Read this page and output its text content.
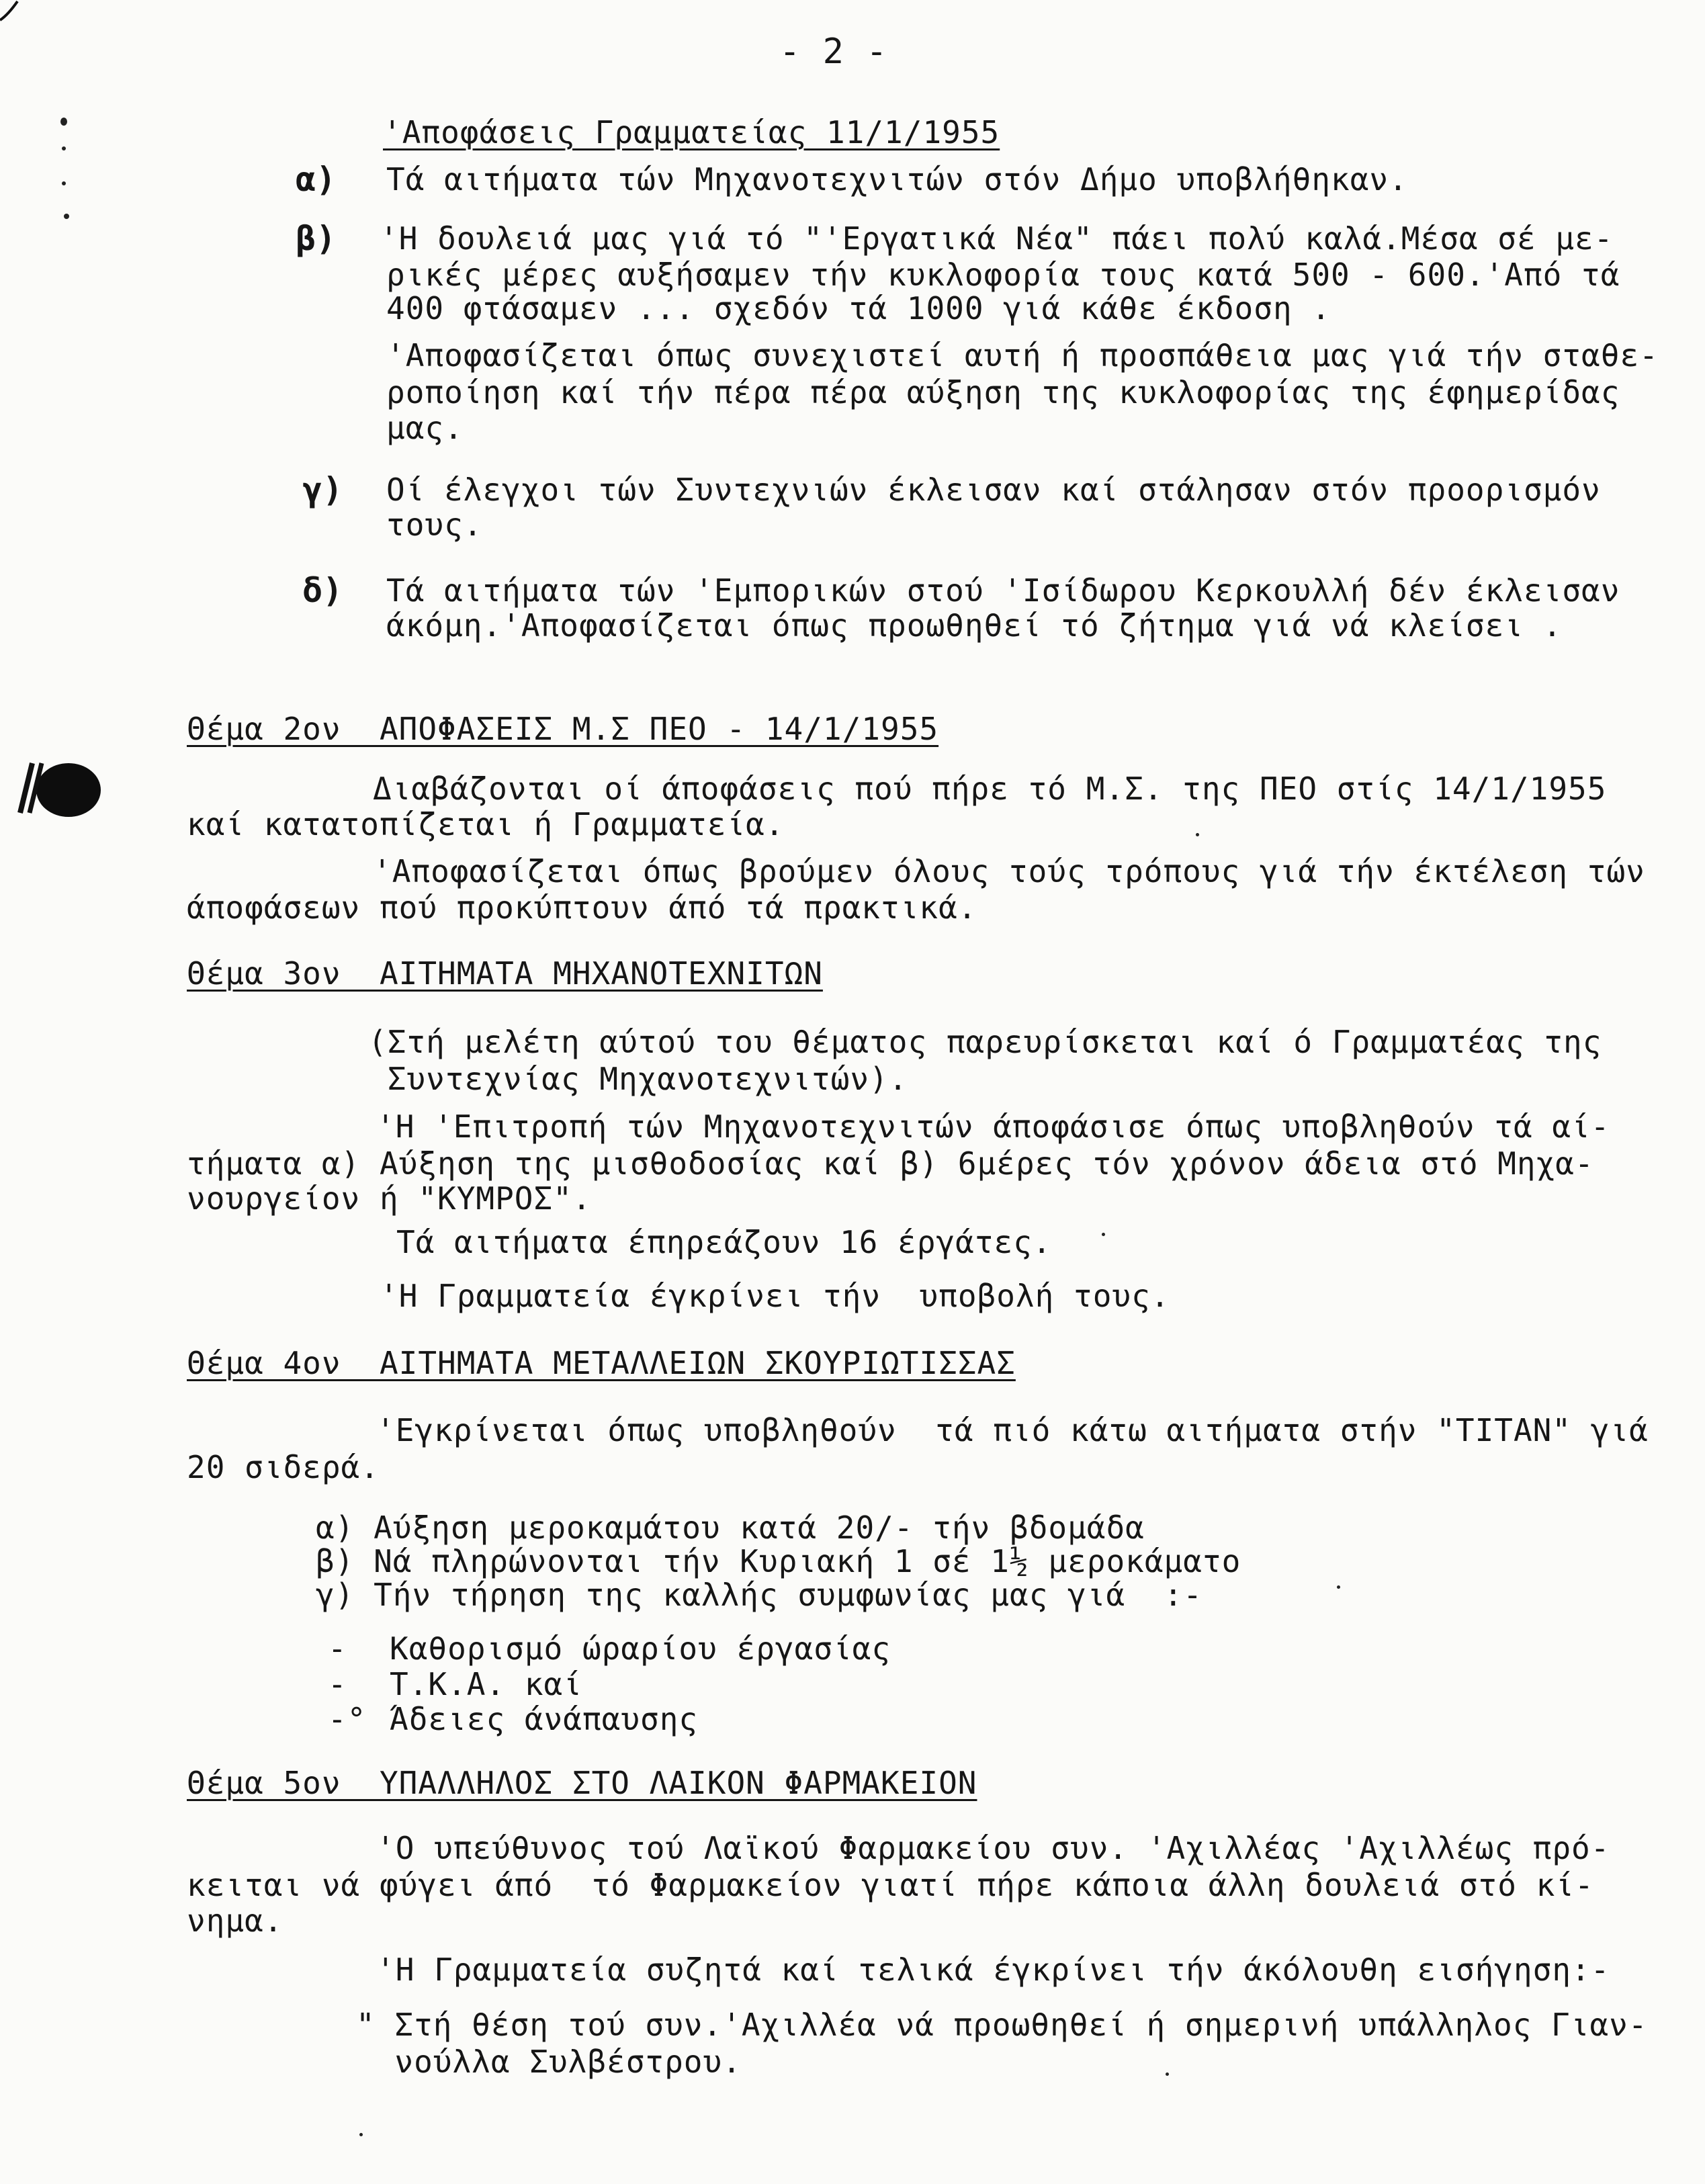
- 2 -
'Αποφάσεις Γραμματείας 11/1/1955
α) Τά αιτήματα τών Μηχανοτεχνιτών στόν Δήμο υποβλήθηκαν.
β) 'Η δουλειά μας γιά τό "'Εργατικά Νέα" πάει πολύ καλά.Μέσα σέ με-
ρικές μέρες αυξήσαμεν τήν κυκλοφορία τους κατά 500 - 600.'Από τά
400 φτάσαμεν ... σχεδόν τά 1000 γιά κάθε έκδοση .
'Αποφασίζεται όπως συνεχιστεί αυτή ή προσπάθεια μας γιά τήν σταθε-
ροποίηση καί τήν πέρα πέρα αύξηση της κυκλοφορίας της έφημερίδας
μας.
γ) Οί έλεγχοι τών Συντεχνιών έκλεισαν καί στάλησαν στόν προορισμόν
τους.
δ) Τά αιτήματα τών 'Εμπορικών στού 'Ισίδωρου Κερκουλλή δέν έκλεισαν
άκόμη.'Αποφασίζεται όπως προωθηθεί τό ζήτημα γιά νά κλείσει .
Θέμα 2ον  ΑΠΟΦΑΣΕΙΣ Μ.Σ ΠΕΟ - 14/1/1955
Διαβάζονται οί άποφάσεις πού πήρε τό Μ.Σ. της ΠΕΟ στίς 14/1/1955
καί κατατοπίζεται ή Γραμματεία.
'Αποφασίζεται όπως βρούμεν όλους τούς τρόπους γιά τήν έκτέλεση τών
άποφάσεων πού προκύπτουν άπό τά πρακτικά.
Θέμα 3ον  ΑΙΤΗΜΑΤΑ ΜΗΧΑΝΟΤΕΧΝΙΤΩΝ
(Στή μελέτη αύτού του θέματος παρευρίσκεται καί ό Γραμματέας της
Συντεχνίας Μηχανοτεχνιτών).
'Η 'Επιτροπή τών Μηχανοτεχνιτών άποφάσισε όπως υποβληθούν τά αί-
τήματα α) Αύξηση της μισθοδοσίας καί β) 6μέρες τόν χρόνον άδεια στό Μηχα-
νουργείον ή "ΚΥΜΡΟΣ".
Τά αιτήματα έπηρεάζουν 16 έργάτες.
'Η Γραμματεία έγκρίνει τήν  υποβολή τους.
Θέμα 4ον  ΑΙΤΗΜΑΤΑ ΜΕΤΑΛΛΕΙΩΝ ΣΚΟΥΡΙΩΤΙΣΣΑΣ
'Εγκρίνεται όπως υποβληθούν  τά πιό κάτω αιτήματα στήν "ΤΙΤΑΝ" γιά
20 σιδερά.
α) Αύξηση μεροκαμάτου κατά 20/- τήν βδομάδα
β) Νά πληρώνονται τήν Κυριακή 1 σέ 1½ μεροκάματο
γ) Τήν τήρηση της καλλής συμφωνίας μας γιά  :-
- Καθορισμό ώραρίου έργασίας
- Τ.Κ.Α. καί
-° Άδειες άνάπαυσης
Θέμα 5ον  ΥΠΑΛΛΗΛΟΣ ΣΤΟ ΛΑΙΚΟΝ ΦΑΡΜΑΚΕΙΟΝ
'Ο υπεύθυνος τού Λαϊκού Φαρμακείου συν. 'Αχιλλέας 'Αχιλλέως πρό-
κειται νά φύγει άπό  τό Φαρμακείον γιατί πήρε κάποια άλλη δουλειά στό κί-
νημα.
'Η Γραμματεία συζητά καί τελικά έγκρίνει τήν άκόλουθη εισήγηση:-
" Στή θέση τού συν.'Αχιλλέα νά προωθηθεί ή σημερινή υπάλληλος Γιαν-
νούλλα Συλβέστρου.
